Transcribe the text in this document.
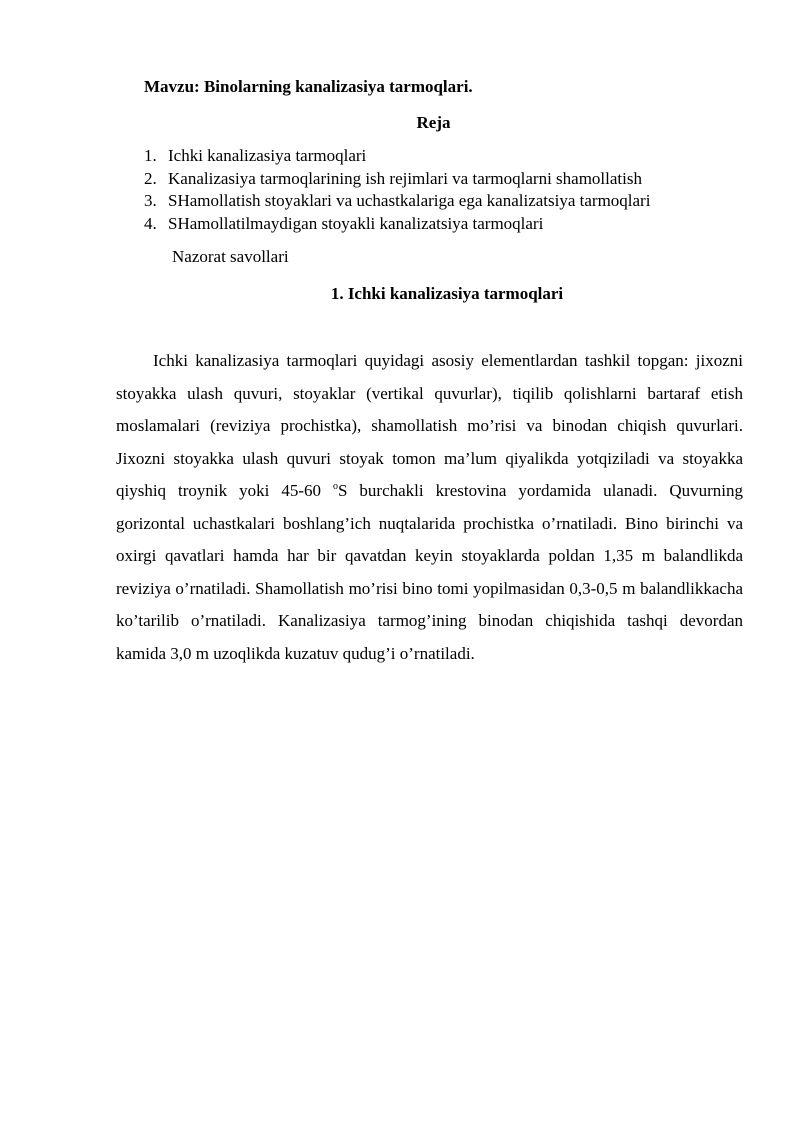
Mavzu: Binolarning kanalizasiya tarmoqlari.
Reja
1. Ichki kanalizasiya tarmoqlari
2. Kanalizasiya tarmoqlarining ish rejimlari va tarmoqlarni shamollatish
3. SHamollatish stoyaklari va uchastkalariga ega kanalizatsiya tarmoqlari
4. SHamollatilmaydigan stoyakli kanalizatsiya tarmoqlari
Nazorat savollari
1. Ichki kanalizasiya tarmoqlari

Ichki kanalizasiya tarmoqlari quyidagi asosiy elementlardan tashkil topgan: jixozni stoyakka ulash quvuri, stoyaklar (vertikal quvurlar), tiqilib qolishlarni bartaraf etish moslamalari (reviziya prochistka), shamollatish mo’risi va binodan chiqish quvurlari. Jixozni stoyakka ulash quvuri stoyak tomon ma’lum qiyalikda yotqiziladi va stoyakka qiyshiq troynik yoki 45-60 $^o$S burchakli krestovina yordamida ulanadi. Quvurning gorizontal uchastkalari boshlang’ich nuqtalarida prochistka o’rnatiladi. Bino birinchi va oxirgi qavatlari hamda har bir qavatdan keyin stoyaklarda poldan 1,35 m balandlikda reviziya o’rnatiladi. Shamollatish mo’risi bino tomi yopilmasidan 0,3-0,5 m balandlikkacha ko’tarilib o’rnatiladi. Kanalizasiya tarmog’ining binodan chiqishida tashqi devordan kamida 3,0 m uzoqlikda kuzatuv qudug’i o’rnatiladi.
